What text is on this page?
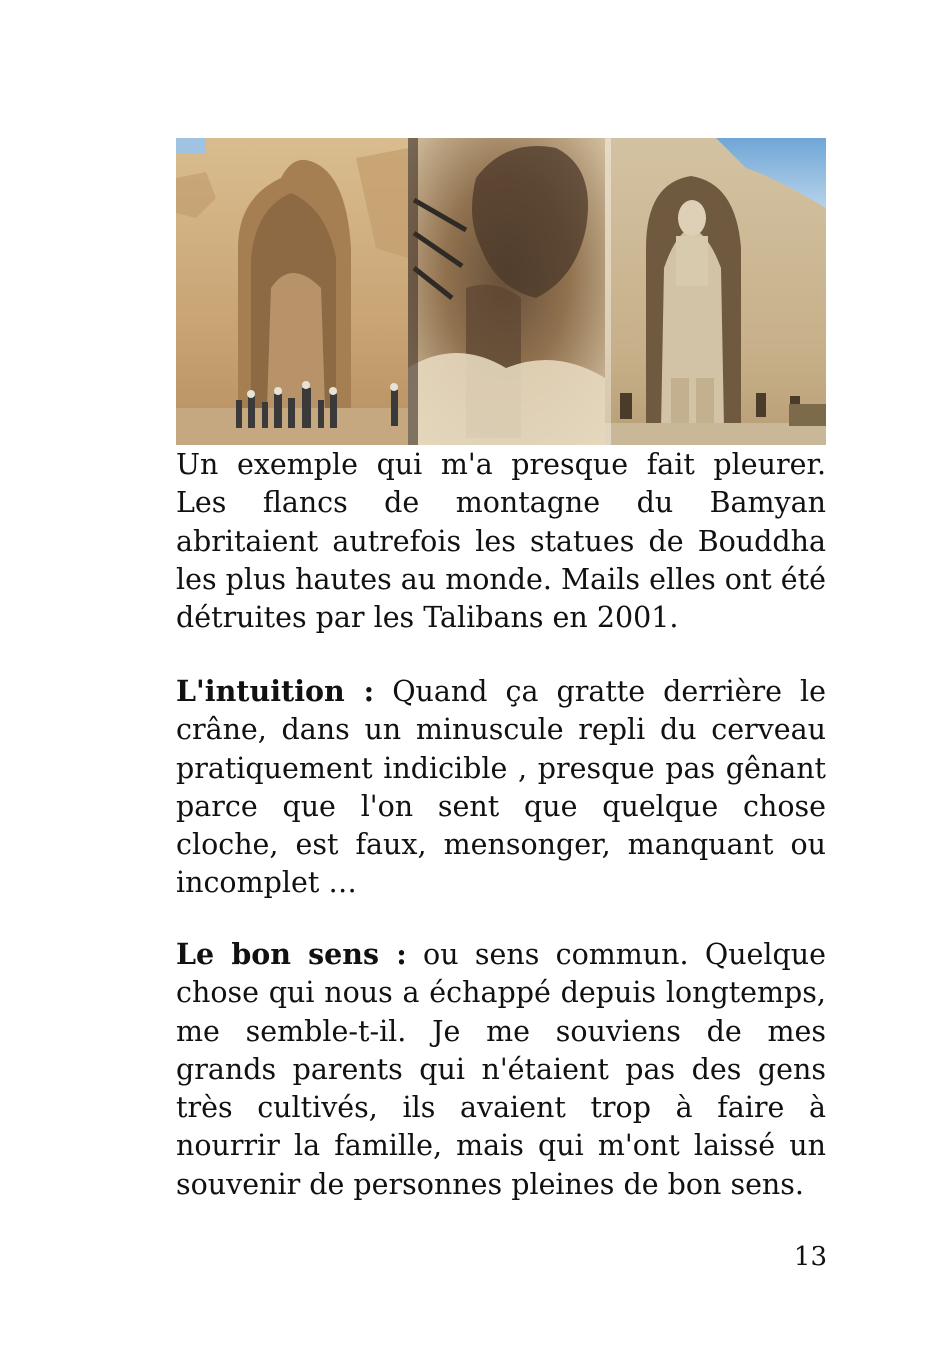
Un exemple qui m'a presque fait pleurer. Les flancs de montagne du Bamyan abritaient autrefois les statues de Bouddha les plus hautes au monde. Mails elles ont été détruites par les Talibans en 2001.
L'intuition : Quand ça gratte derrière le crâne, dans un minuscule repli du cerveau pratiquement indicible , presque pas gênant parce que l'on sent que quelque chose cloche, est faux, mensonger, manquant ou incomplet …
Le bon sens : ou sens commun. Quelque chose qui nous a échappé depuis longtemps, me semble-t-il. Je me souviens de mes grands parents qui n'étaient pas des gens très cultivés, ils avaient trop à faire à nourrir la famille, mais qui m'ont laissé un souvenir de personnes pleines de bon sens.
13
